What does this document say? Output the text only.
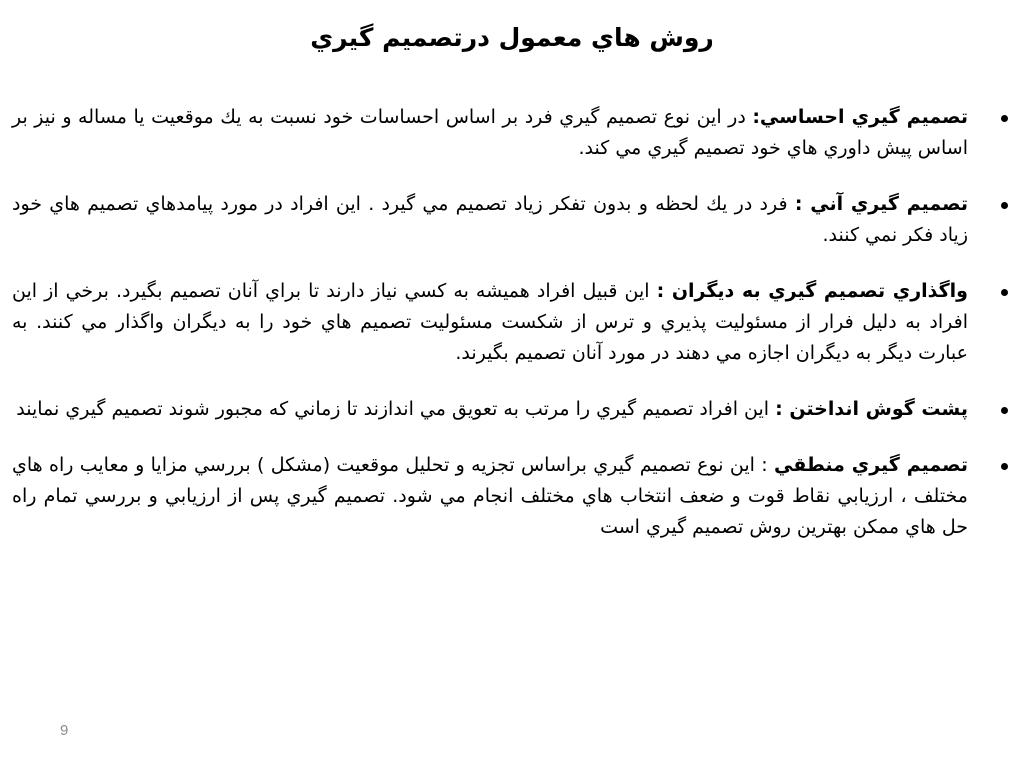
روش هاي معمول درتصميم گيري
تصميم گيري احساسي: در اين نوع تصميم گيري فرد بر اساس احساسات خود نسبت به يك موقعيت يا مساله و نيز بر اساس پيش داوري هاي خود تصميم گيري مي كند.
تصميم گيري آني : فرد در يك لحظه و بدون تفكر زياد تصميم مي گيرد . اين افراد در مورد پيامدهاي تصميم هاي خود زياد فكر نمي كنند.
واگذاري تصميم گيري به ديگران : اين قبيل افراد هميشه به كسي نياز دارند تا براي آنان تصميم بگيرد. برخي از اين افراد به دليل فرار از مسئوليت پذيري و ترس از شكست مسئوليت تصميم هاي خود را به ديگران واگذار مي كنند. به عبارت ديگر به ديگران اجازه مي دهند در مورد آنان تصميم بگيرند.
پشت گوش انداختن : اين افراد تصميم گيري را مرتب به تعويق مي اندازند تا زماني كه مجبور شوند تصميم گيري نمايند
تصميم گيري منطقي : اين نوع تصميم گيري براساس تجزيه و تحليل موقعيت (مشكل ) بررسي مزايا و معايب راه هاي مختلف ، ارزيابي نقاط قوت و ضعف انتخاب هاي مختلف انجام مي شود. تصميم گيري پس از ارزيابي و بررسي تمام راه حل هاي ممكن بهترين روش تصميم گيري است
9
